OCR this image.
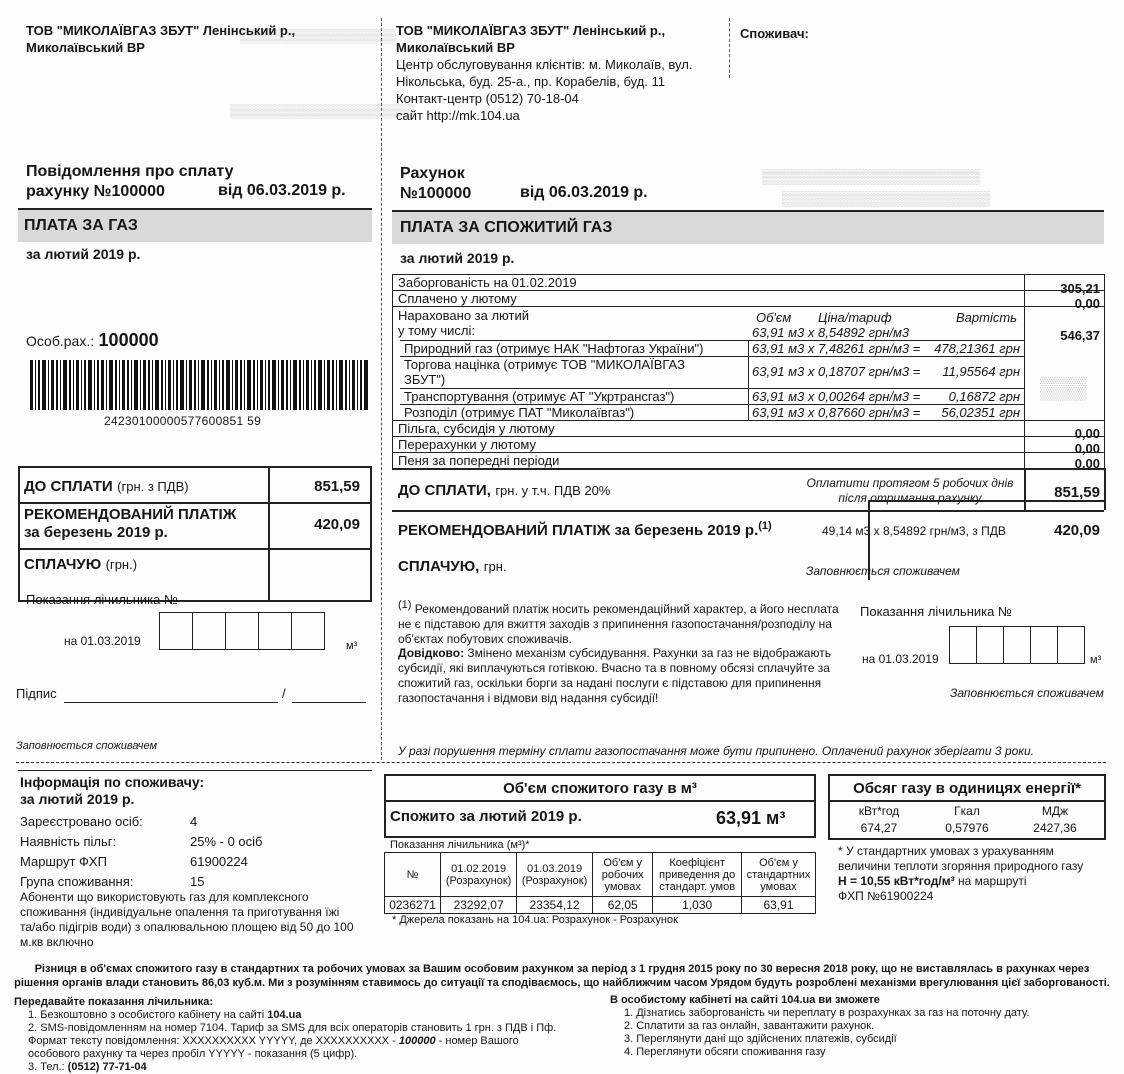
▒▒▒▒▒▒▒▒▒▒▒▒▒▒▒▒▒
▒▒▒▒▒▒▒▒▒▒▒▒▒▒▒▒▒▒▒▒
▒▒▒▒▒▒▒▒▒▒▒▒▒▒▒▒▒▒▒▒▒▒
▒▒▒▒▒▒▒▒▒▒▒▒▒▒▒▒▒▒▒▒▒
▒▒▒
ТОВ "МИКОЛАЇВГАЗ ЗБУТ" Ленінський р.,
Миколаївський ВР
Повідомлення про сплату
рахунку №100000	від 06.03.2019 р.
ПЛАТА ЗА ГАЗ
за лютий 2019 р.
Особ.рах.: 100000
24230100000577600851 59
ДО СПЛАТИ (грн. з ПДВ)	851,59
РЕКОМЕНДОВАНИЙ ПЛАТІЖ
за березень 2019 р.	420,09
СПЛАЧУЮ (грн.)
Показання лічильника №
на 01.03.2019	м³
Підпис	/
ТОВ "МИКОЛАЇВГАЗ ЗБУТ" Ленінський р.,
Миколаївський ВР
Центр обслуговування клієнтів: м. Миколаїв, вул.
Нікольська, буд. 25-а., пр. Корабелів, буд. 11
Контакт-центр (0512) 70-18-04
сайт http://mk.104.ua
Споживач:
Рахунок
№100000	від 06.03.2019 р.
ПЛАТА ЗА СПОЖИТИЙ ГАЗ
за лютий 2019 р.
Заборгованість на 01.02.2019	305,21
Сплачено у лютому	0,00
Нараховано за лютий
у тому числі:
Об'єм Ціна/тариф	Вартість
63,91 м3 х 8,54892 грн/м3	546,37
Природний газ (отримує НАК "Нафтогаз України")	63,91 м3 х 7,48261 грн/м3 =	478,21361 грн
Торгова націнка (отримує ТОВ "МИКОЛАЇВГАЗ
ЗБУТ")
63,91 м3 х 0,18707 грн/м3 =	11,95564 грн
Транспортування (отримує АТ "Укртрансгаз")	63,91 м3 х 0,00264 грн/м3 =	0,16872 грн
Розподіл (отримує ПАТ "Миколаївгаз")	63,91 м3 х 0,87660 грн/м3 =	56,02351 грн
Пільга, субсидія у лютому	0,00
Перерахунки у лютому	0,00
Пеня за попередні періоди	0,00
ДО СПЛАТИ, грн. у т.ч. ПДВ 20%	Оплатити протягом 5 робочих днів
після отримання рахунку	851,59
РЕКОМЕНДОВАНИЙ ПЛАТІЖ за березень 2019 р.$^{(1)}$	49,14 м3 х 8,54892 грн/м3, з ПДВ	420,09
СПЛАЧУЮ, грн.	Заповнюється споживачем
$^{(1)}$ Рекомендований платіж носить рекомендаційний характер, а його несплата
не є підставою для вжиття заходів з припинення газопостачання/розподілу на
об'єктах побутових споживачів.
Довідково: Змінено механізм субсидування. Рахунки за газ не відображають
субсидії, які виплачуються готівкою. Вчасно та в повному обсязі сплачуйте за
спожитий газ, оскільки борги за надані послуги є підставою для припинення
газопостачання і відмови від надання субсидії!
Показання лічильника №
на 01.03.2019	м³
Заповнюється споживачем
Заповнюється споживачем	У разі порушення терміну сплати газопостачання може бути припинено. Оплачений рахунок зберігати 3 роки.
Інформація по споживачу:
за лютий 2019 р.
Зареєстровано осіб:	4
Наявність пільг:	25% - 0 осіб
Маршрут ФХП	61900224
Група споживання:	15
Абоненти що використовують газ для комплексного
споживання (індивідуальне опалення та приготування їжі
та/або підігрів води) з опалювальною площею від 50 до 100
м.кв включно
Об'єм спожитого газу в м³
Спожито за лютий 2019 р.	63,91 м³
Показання лічильника (м³)*
№	01.02.2019 (Розрахунок)	01.03.2019 (Розрахунок)	Об'єм у робочих умовах	Коефіцієнт приведення до стандарт. умов	Об'єм у стандартних умовах
0236271	23292,07	23354,12	62,05	1,030	63,91
* Джерела показань на 104.ua: Розрахунок - Розрахунок
Обсяг газу в одиницях енергії*
кВт*год	Гкал	МДж
674,27	0,57976	2427,36
* У стандартних умовах з урахуванням
величини теплоти згоряння природного газу
Н = 10,55 кВт*год/м³ на маршруті
ФХП №61900224
Різниця в об'ємах спожитого газу в стандартних та робочих умовах за Вашим особовим рахунком за період з 1 грудня 2015 року по 30 вересня 2018 року, що не виставлялась в рахунках через
рішення органів влади становить 86,03 куб.м. Ми з розумінням ставимось до ситуації та сподіваємось, що найближчим часом Урядом будуть розроблені механізми врегулювання цієї заборгованості.
Передавайте показання лічильника:
1. Безкоштовно з особистого кабінету на сайті 104.ua
2. SMS-повідомленням на номер 7104. Тариф за SMS для всіх операторів становить 1 грн. з ПДВ і Пф.
Формат тексту повідомлення: XXXXXXXXXX YYYYY, де XXXXXXXXXX - 100000 - номер Вашого
особового рахунку та через пробіл YYYYY - показання (5 цифр).
3. Тел.: (0512) 77-71-04
В особистому кабінеті на сайті 104.ua ви зможете
1. Дізнатись заборгованість чи переплату в розрахунках за газ на поточну дату.
2. Сплатити за газ онлайн, завантажити рахунок.
3. Переглянути дані що здійснених платежів, субсидії
4. Переглянути обсяги споживання газу
